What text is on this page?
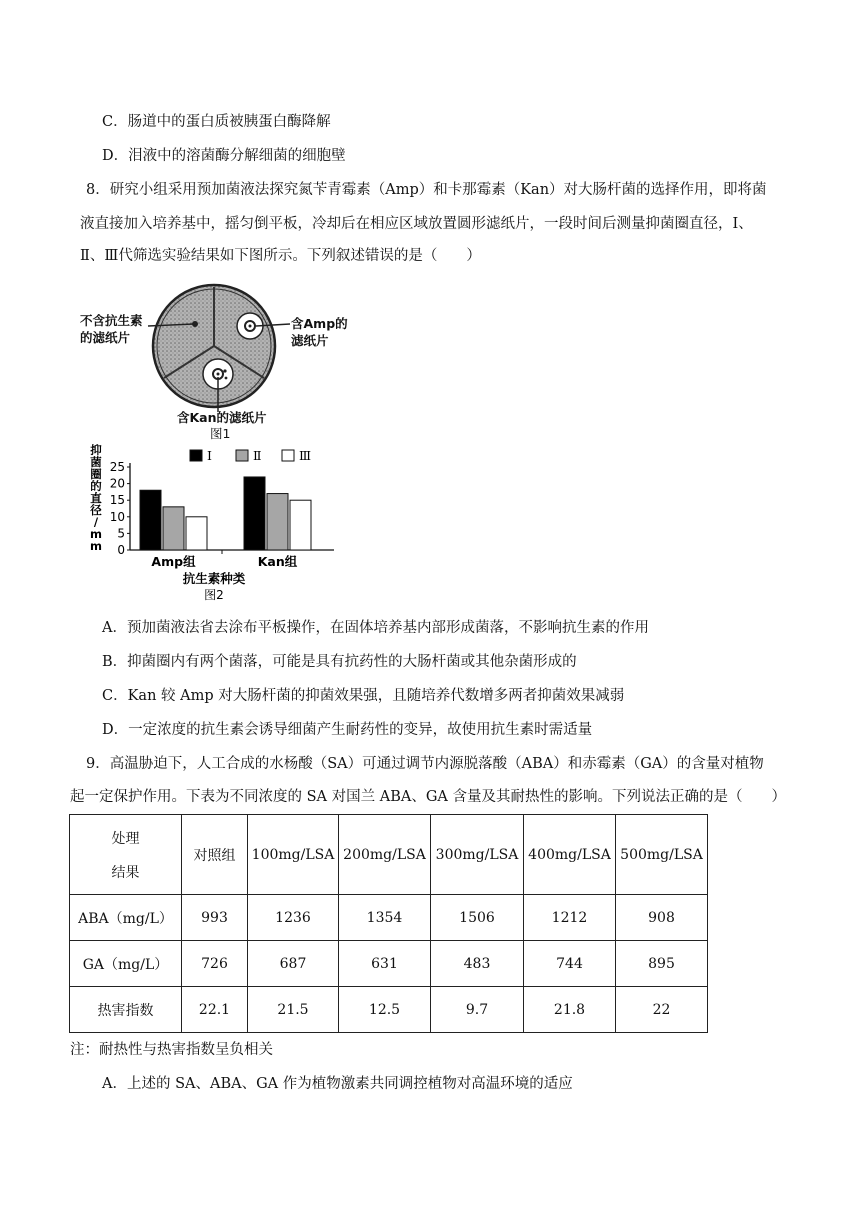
C．肠道中的蛋白质被胰蛋白酶降解
D．泪液中的溶菌酶分解细菌的细胞壁
8．研究小组采用预加菌液法探究氮苄青霉素（Amp）和卡那霉素（Kan）对大肠杆菌的选择作用，即将菌
液直接加入培养基中，摇匀倒平板，冷却后在相应区域放置圆形滤纸片，一段时间后测量抑菌圈直径，Ⅰ、
Ⅱ、Ⅲ代筛选实验结果如下图所示。下列叙述错误的是（　　）
不含抗生素
的滤纸片
含Amp的
滤纸片
含Kan的滤纸片
图1
抑
菌
圈
的
直
径
/
m
m 0
5
10
15
20
25
Amp组	Kan组
抗生素种类
图2
Ⅰ	Ⅱ	Ⅲ
A．预加菌液法省去涂布平板操作，在固体培养基内部形成菌落，不影响抗生素的作用
B．抑菌圈内有两个菌落，可能是具有抗药性的大肠杆菌或其他杂菌形成的
C．Kan 较 Amp 对大肠杆菌的抑菌效果强，且随培养代数增多两者抑菌效果减弱
D．一定浓度的抗生素会诱导细菌产生耐药性的变异，故使用抗生素时需适量
9．高温胁迫下，人工合成的水杨酸（SA）可通过调节内源脱落酸（ABA）和赤霉素（GA）的含量对植物
起一定保护作用。下表为不同浓度的 SA 对国兰 ABA、GA 含量及其耐热性的影响。下列说法正确的是（　　）
处理
结果	对照组	100mg/LSA	200mg/LSA	300mg/LSA	400mg/LSA	500mg/LSA
ABA（mg/L）	993	1236	1354	1506	1212	908
GA（mg/L）	726	687	631	483	744	895
热害指数	22.1	21.5	12.5	9.7	21.8	22
注：耐热性与热害指数呈负相关
A．上述的 SA、ABA、GA 作为植物激素共同调控植物对高温环境的适应
